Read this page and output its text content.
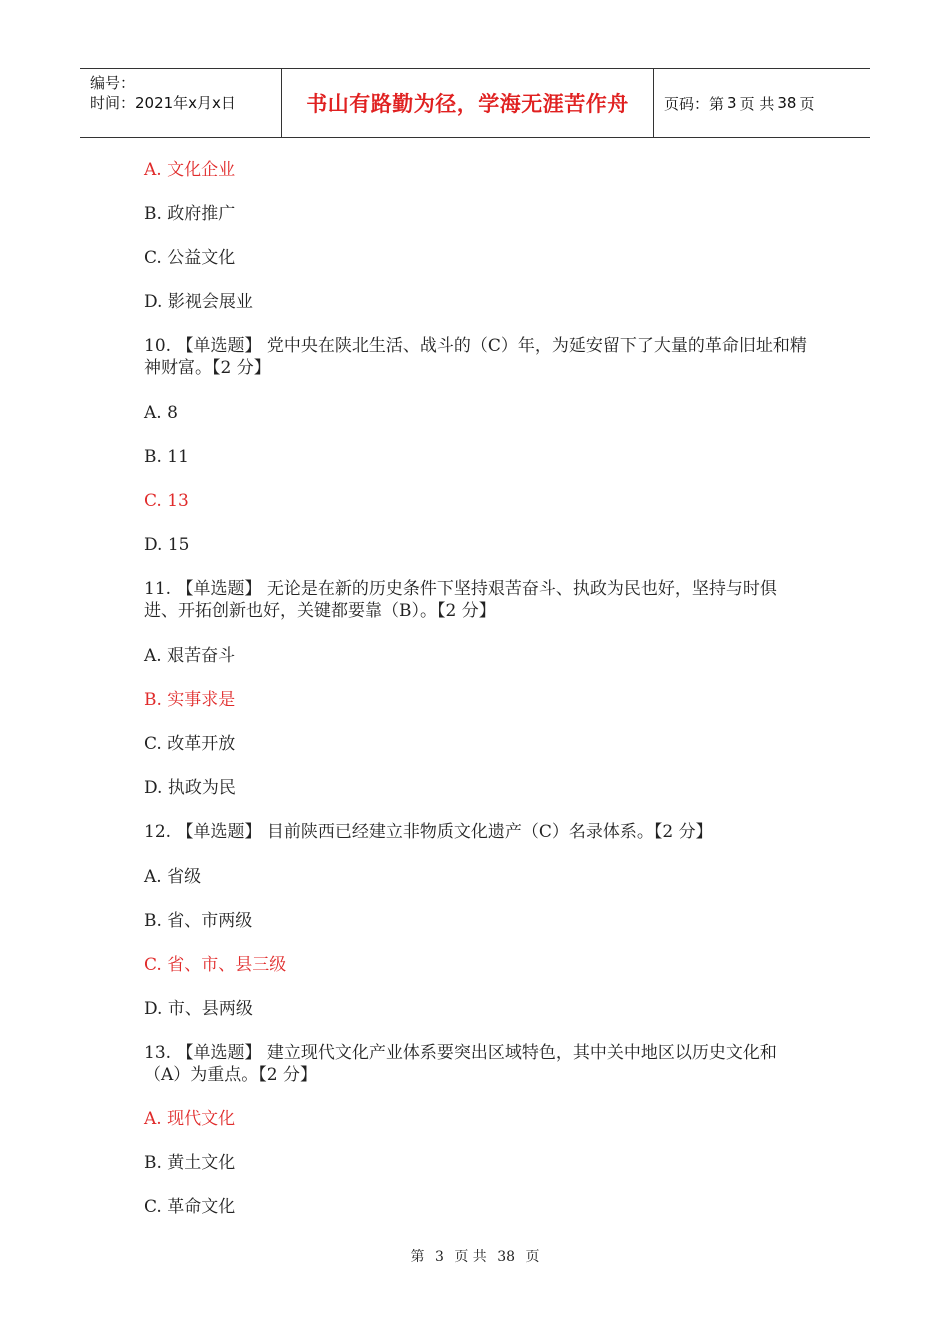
编号：
时间：2021年x月x日	书山有路勤为径，学海无涯苦作舟	页码：第 3 页 共 38 页
A. 文化企业
B. 政府推广
C. 公益文化
D. 影视会展业
10. 【单选题】 党中央在陕北生活、战斗的（C）年，为延安留下了大量的革命旧址和精神财富。【2 分】
A. 8
B. 11
C. 13
D. 15
11. 【单选题】 无论是在新的历史条件下坚持艰苦奋斗、执政为民也好，坚持与时俱进、开拓创新也好，关键都要靠（B）。【2 分】
A. 艰苦奋斗
B. 实事求是
C. 改革开放
D. 执政为民
12. 【单选题】 目前陕西已经建立非物质文化遗产（C）名录体系。【2 分】
A. 省级
B. 省、市两级
C. 省、市、县三级
D. 市、县两级
13. 【单选题】 建立现代文化产业体系要突出区域特色，其中关中地区以历史文化和（A）为重点。【2 分】
A. 现代文化
B. 黄土文化
C. 革命文化
第 3 页 共 38 页
